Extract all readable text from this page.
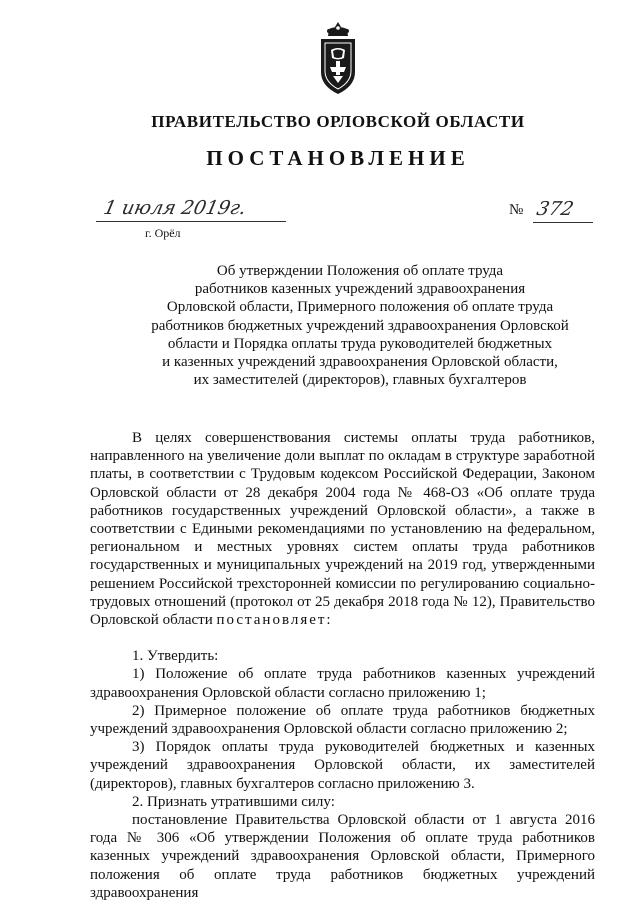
ПРАВИТЕЛЬСТВО ОРЛОВСКОЙ ОБЛАСТИ
ПОСТАНОВЛЕНИЕ
1 июля 2019г.
г. Орёл
№ 372
Об утверждении Положения об оплате труда
работников казенных учреждений здравоохранения
Орловской области, Примерного положения об оплате труда
работников бюджетных учреждений здравоохранения Орловской
области и Порядка оплаты труда руководителей бюджетных
и казенных учреждений здравоохранения Орловской области,
их заместителей (директоров), главных бухгалтеров

В целях совершенствования системы оплаты труда работников, направленного на увеличение доли выплат по окладам в структуре заработной платы, в соответствии с Трудовым кодексом Российской Федерации, Законом Орловской области от 28 декабря 2004 года № 468-ОЗ «Об оплате труда работников государственных учреждений Орловской области», а также в соответствии с Едиными рекомендациями по установлению на федеральном, региональном и местных уровнях систем оплаты труда работников государственных и муниципальных учреждений на 2019 год, утвержденными решением Российской трехсторонней комиссии по регулированию социально-трудовых отношений (протокол от 25 декабря 2018 года № 12), Правительство Орловской области постановляет:

1. Утвердить:

1) Положение об оплате труда работников казенных учреждений здравоохранения Орловской области согласно приложению 1;

2) Примерное положение об оплате труда работников бюджетных учреждений здравоохранения Орловской области согласно приложению 2;

3) Порядок оплаты труда руководителей бюджетных и казенных учреждений здравоохранения Орловской области, их заместителей (директоров), главных бухгалтеров согласно приложению 3.

2. Признать утратившими силу:

постановление Правительства Орловской области от 1 августа 2016 года № 306 «Об утверждении Положения об оплате труда работников казенных учреждений здравоохранения Орловской области, Примерного положения об оплате труда работников бюджетных учреждений здравоохранения
